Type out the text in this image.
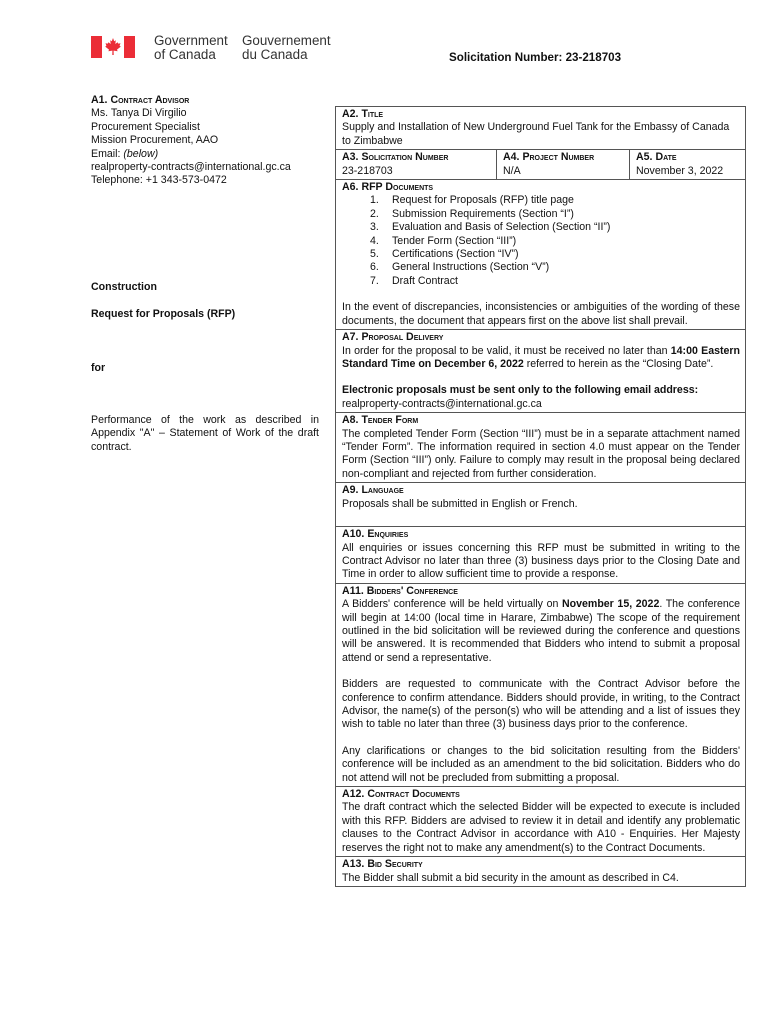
Government
of Canada
Gouvernement
du Canada	Solicitation Number: 23-218703

A1. Contract Advisor

Ms. Tanya Di Virgilio

Procurement Specialist

Mission Procurement, AAO

Email: (below)

realproperty-contracts@international.gc.ca

Telephone: +1 343-573-0472

Construction
Request for Proposals (RFP)
for
Performance of the work as described in Appendix "A" – Statement of Work of the draft contract.
A2. Title
Supply and Installation of New Underground Fuel Tank for the Embassy of Canada to Zimbabwe
A3. Solicitation Number
23-218703
A4. Project Number
N/A
A5. Date
November 3, 2022
A6. RFP Documents
1.	Request for Proposals (RFP) title page
2.	Submission Requirements (Section “I”)
3.	Evaluation and Basis of Selection (Section “II”)
4.	Tender Form (Section “III”)
5.	Certifications (Section “IV”)
6.	General Instructions (Section “V”)
7.	Draft Contract
In the event of discrepancies, inconsistencies or ambiguities of the wording of these documents, the document that appears first on the above list shall prevail.
A7. Proposal Delivery
In order for the proposal to be valid, it must be received no later than 14:00 Eastern Standard Time on December 6, 2022 referred to herein as the “Closing Date”.
Electronic proposals must be sent only to the following email address:
realproperty-contracts@international.gc.ca
A8. Tender Form
The completed Tender Form (Section “III”) must be in a separate attachment named “Tender Form”. The information required in section 4.0 must appear on the Tender Form (Section “III”) only. Failure to comply may result in the proposal being declared non-compliant and rejected from further consideration.
A9. Language
Proposals shall be submitted in English or French.
A10. Enquiries
All enquiries or issues concerning this RFP must be submitted in writing to the Contract Advisor no later than three (3) business days prior to the Closing Date and Time in order to allow sufficient time to provide a response.
A11. Bidders' Conference
A Bidders' conference will be held virtually on November 15, 2022. The conference will begin at 14:00 (local time in Harare, Zimbabwe) The scope of the requirement outlined in the bid solicitation will be reviewed during the conference and questions will be answered. It is recommended that Bidders who intend to submit a proposal attend or send a representative.
Bidders are requested to communicate with the Contract Advisor before the conference to confirm attendance. Bidders should provide, in writing, to the Contract Advisor, the name(s) of the person(s) who will be attending and a list of issues they wish to table no later than three (3) business days prior to the conference.
Any clarifications or changes to the bid solicitation resulting from the Bidders' conference will be included as an amendment to the bid solicitation. Bidders who do not attend will not be precluded from submitting a proposal.
A12. Contract Documents
The draft contract which the selected Bidder will be expected to execute is included with this RFP. Bidders are advised to review it in detail and identify any problematic clauses to the Contract Advisor in accordance with A10 - Enquiries. Her Majesty reserves the right not to make any amendment(s) to the Contract Documents.
A13. Bid Security
The Bidder shall submit a bid security in the amount as described in C4.
